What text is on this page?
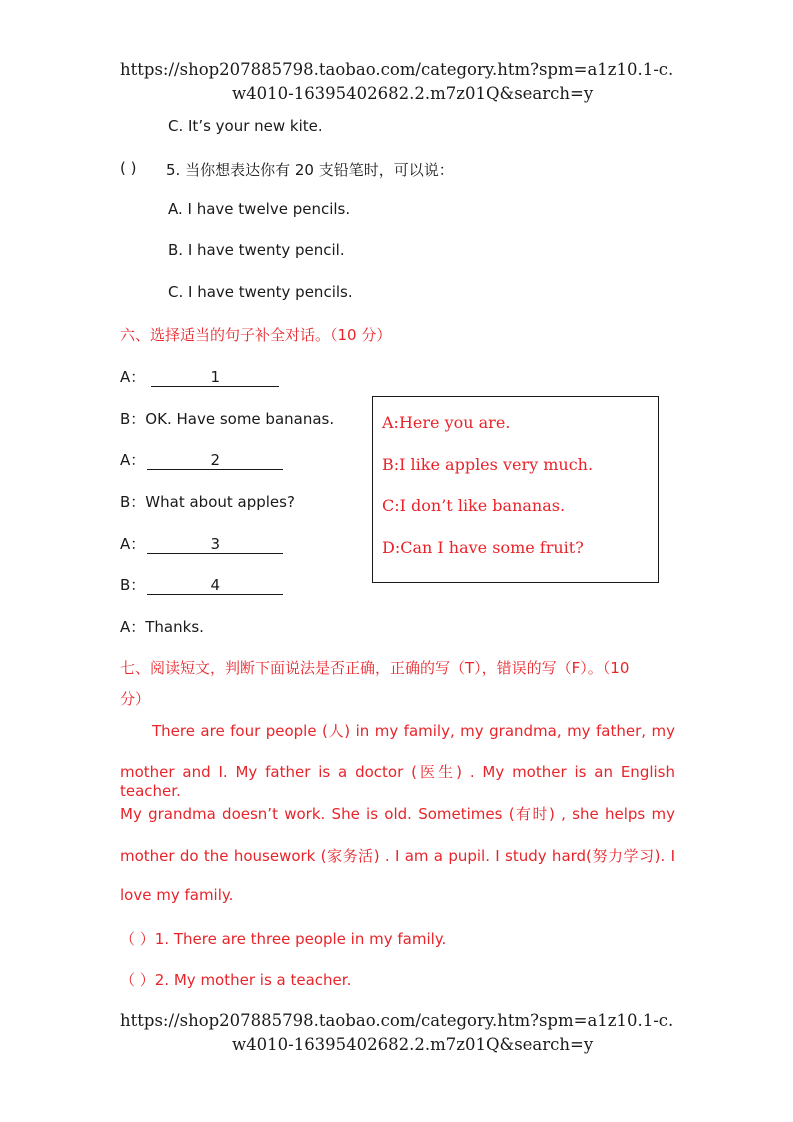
https://shop207885798.taobao.com/category.htm?spm=a1z10.1-c.
w4010-16395402682.2.m7z01Q&search=y
C. It’s your new kite.
( ) 5. 当你想表达你有 20 支铅笔时，可以说：
A. I have twelve pencils.
B. I have twenty pencil.
C. I have twenty pencils.
六、选择适当的句子补全对话。（10 分）
A：	1
B：OK. Have some bananas.
A：	2
B：What about apples?
A：	3
B：	4
A：Thanks.
A:Here you are.
B:I like apples very much.
C:I don’t like bananas.
D:Can I have some fruit?
七、阅读短文，判断下面说法是否正确，正确的写（T），错误的写（F）。（10
分）
There are four people (人) in my family, my grandma, my father, my
mother and I. My father is a doctor (医生) . My mother is an English teacher.
My grandma doesn’t work. She is old. Sometimes (有时) , she helps my
mother do the housework (家务活) . I am a pupil. I study hard(努力学习). I
love my family.
（ ）1. There are three people in my family.
（ ）2. My mother is a teacher.
https://shop207885798.taobao.com/category.htm?spm=a1z10.1-c.
w4010-16395402682.2.m7z01Q&search=y
